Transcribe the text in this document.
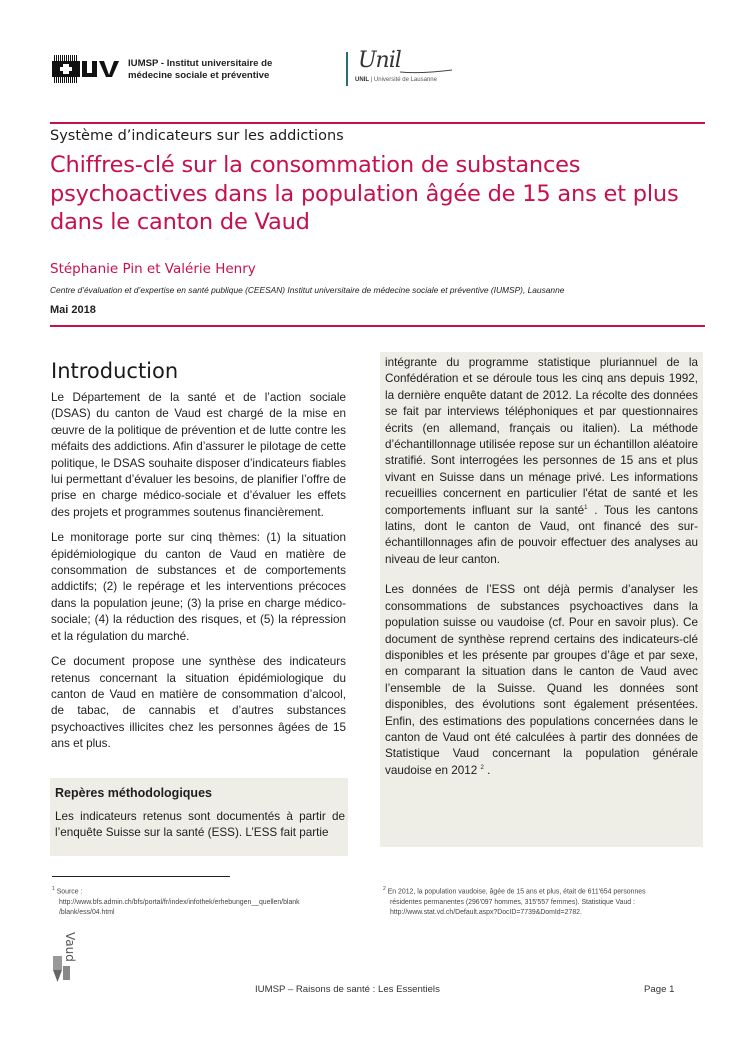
IUMSP - Institut universitaire de
médecine sociale et préventive
Unil
UNIL | Université de Lausanne
Système d’indicateurs sur les addictions
Chiffres-clé sur la consommation de substances psychoactives dans la population âgée de 15 ans et plus dans le canton de Vaud
Stéphanie Pin et Valérie Henry
Centre d’évaluation et d’expertise en santé publique (CEESAN) Institut universitaire de médecine sociale et préventive (IUMSP), Lausanne
Mai 2018
Introduction

Le Département de la santé et de l’action sociale (DSAS) du canton de Vaud est chargé de la mise en œuvre de la politique de prévention et de lutte contre les méfaits des addictions. Afin d’assurer le pilotage de cette politique, le DSAS souhaite disposer d’indicateurs fiables lui permettant d’évaluer les besoins, de planifier l’offre de prise en charge médico-sociale et d’évaluer les effets des projets et programmes soutenus financièrement.

Le monitorage porte sur cinq thèmes: (1) la situation épidémiologique du canton de Vaud en matière de consommation de substances et de comportements addictifs; (2) le repérage et les interventions précoces dans la population jeune; (3) la prise en charge médico-sociale; (4) la réduction des risques, et (5) la répression et la régulation du marché.

Ce document propose une synthèse des indicateurs retenus concernant la situation épidémiologique du canton de Vaud en matière de consommation d’alcool, de tabac, de cannabis et d’autres substances psychoactives illicites chez les personnes âgées de 15 ans et plus.

Repères méthodologiques

Les indicateurs retenus sont documentés à partir de l’enquête Suisse sur la santé (ESS). L’ESS fait partie

intégrante du programme statistique pluriannuel de la Confédération et se déroule tous les cinq ans depuis 1992, la dernière enquête datant de 2012. La récolte des données se fait par interviews téléphoniques et par questionnaires écrits (en allemand, français ou italien). La méthode d’échantillonnage utilisée repose sur un échantillon aléatoire stratifié. Sont interrogées les personnes de 15 ans et plus vivant en Suisse dans un ménage privé. Les informations recueillies concernent en particulier l'état de santé et les comportements influant sur la santé$^1$ . Tous les cantons latins, dont le canton de Vaud, ont financé des sur-échantillonnages afin de pouvoir effectuer des analyses au niveau de leur canton.

Les données de l’ESS ont déjà permis d’analyser les consommations de substances psychoactives dans la population suisse ou vaudoise (cf. Pour en savoir plus). Ce document de synthèse reprend certains des indicateurs-clé disponibles et les présente par groupes d’âge et par sexe, en comparant la situation dans le canton de Vaud avec l’ensemble de la Suisse. Quand les données sont disponibles, des évolutions sont également présentées. Enfin, des estimations des populations concernées dans le canton de Vaud ont été calculées à partir des données de Statistique Vaud concernant la population générale vaudoise en 2012 $^2$ .

$^1$ Source :
http://www.bfs.admin.ch/bfs/portal/fr/index/infothek/erhebungen__quellen/blank /blank/ess/04.html
$^2$ En 2012, la population vaudoise, âgée de 15 ans et plus, était de 611'654 personnes
résidentes permanentes (296'097 hommes, 315'557 femmes). Statistique Vaud : http://www.stat.vd.ch/Default.aspx?DocID=7739&DomId=2782.
Vaud
IUMSP – Raisons de santé : Les Essentiels	Page 1
